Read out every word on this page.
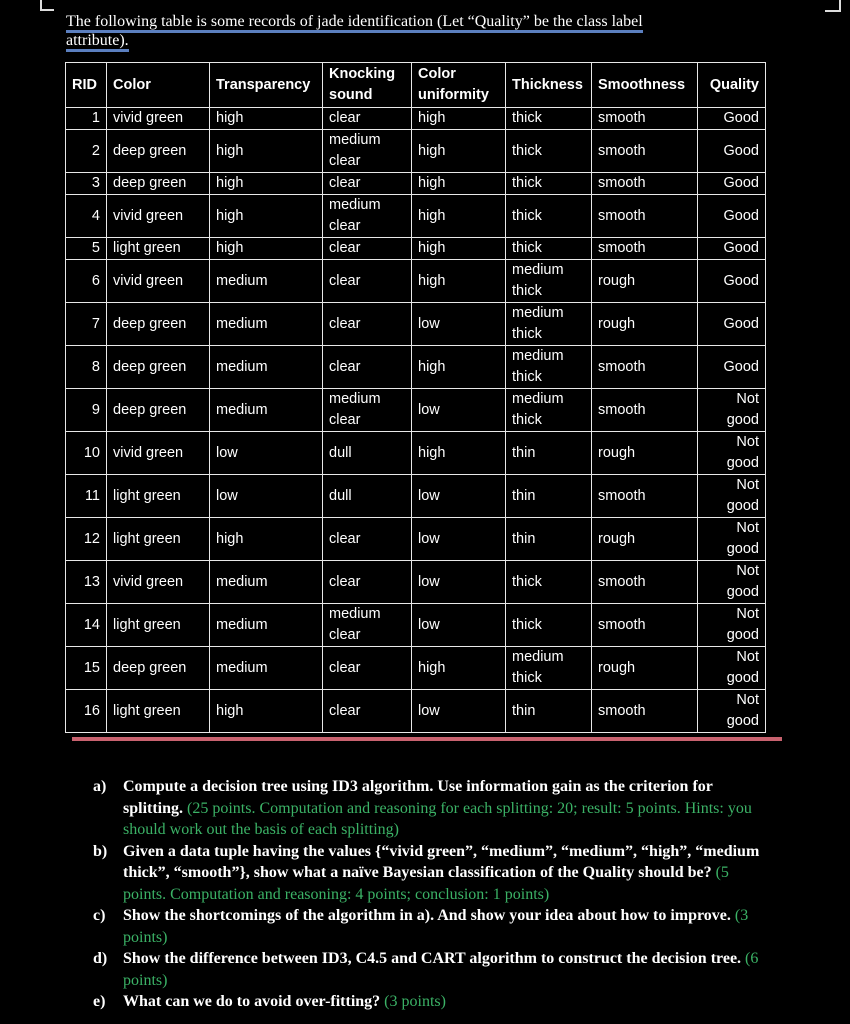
The following table is some records of jade identification (Let “Quality” be the class label attribute).
RID	Color	Transparency	Knocking sound	Color uniformity	Thickness	Smoothness	Quality
1	vivid green	high	clear	high	thick	smooth	Good
2	deep green	high	medium clear	high	thick	smooth	Good
3	deep green	high	clear	high	thick	smooth	Good
4	vivid green	high	medium clear	high	thick	smooth	Good
5	light green	high	clear	high	thick	smooth	Good
6	vivid green	medium	clear	high	medium thick	rough	Good
7	deep green	medium	clear	low	medium thick	rough	Good
8	deep green	medium	clear	high	medium thick	smooth	Good
9	deep green	medium	medium clear	low	medium thick	smooth	Not good
10	vivid green	low	dull	high	thin	rough	Not good
11	light green	low	dull	low	thin	smooth	Not good
12	light green	high	clear	low	thin	rough	Not good
13	vivid green	medium	clear	low	thick	smooth	Not good
14	light green	medium	medium clear	low	thick	smooth	Not good
15	deep green	medium	clear	high	medium thick	rough	Not good
16	light green	high	clear	low	thin	smooth	Not good
a)	Compute a decision tree using ID3 algorithm. Use information gain as the criterion for splitting. (25 points. Computation and reasoning for each splitting: 20; result: 5 points. Hints: you should work out the basis of each splitting)
b) Given a data tuple having the values {“vivid green”, “medium”, “medium”, “high”, “medium thick”, “smooth”}, show what a naïve Bayesian classification of the Quality should be? (5 points. Computation and reasoning: 4 points; conclusion: 1 points)
c)	Show the shortcomings of the algorithm in a). And show your idea about how to improve. (3 points)
d) Show the difference between ID3, C4.5 and CART algorithm to construct the decision tree. (6 points)
e)	What can we do to avoid over-fitting? (3 points)
